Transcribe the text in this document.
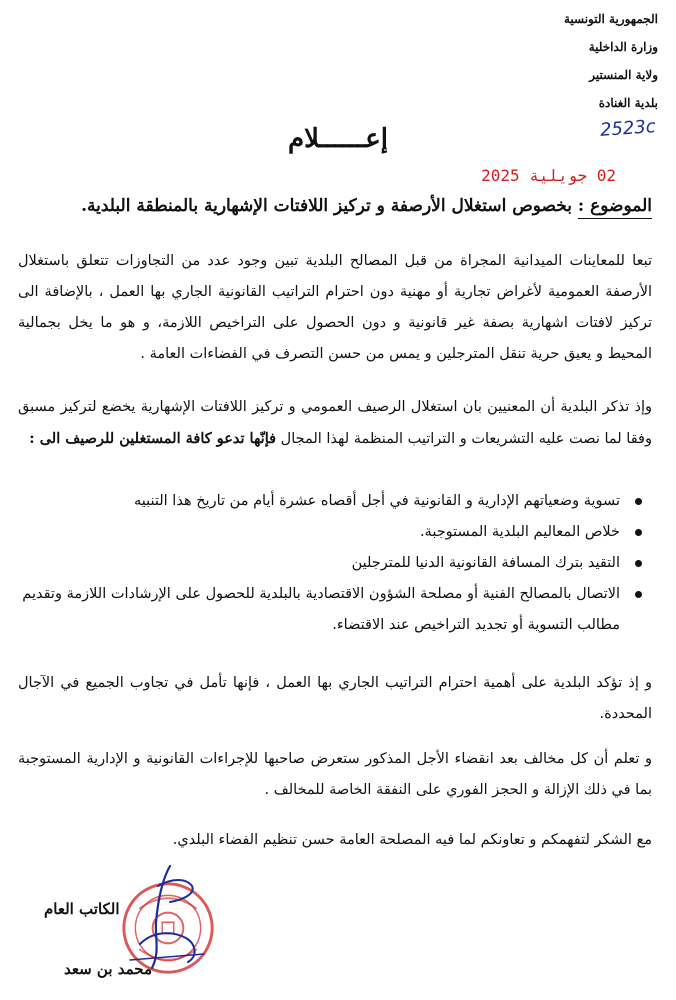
الجمهورية التونسية
وزارة الداخلية
ولاية المنستير
بلدية الغنادة
2523c
إعــــــلام
02 جويلية 2025
الموضوع : بخصوص استغلال الأرصفة و تركيز اللافتات الإشهارية بالمنطقة البلدية.
تبعا للمعاينات الميدانية المجراة من قبل المصالح البلدية تبين وجود عدد من التجاوزات تتعلق باستغلال الأرصفة العمومية لأغراض تجارية أو مهنية دون احترام التراتيب القانونية الجاري بها العمل ، بالإضافة الى تركيز لافتات اشهارية بصفة غير قانونية و دون الحصول على التراخيص اللازمة، و هو ما يخل بجمالية المحيط و يعيق حرية تنقل المترجلين و يمس من حسن التصرف في الفضاءات العامة .
وإذ تذكر البلدية أن المعنيين بان استغلال الرصيف العمومي و تركيز اللافتات الإشهارية يخضع لتركيز مسبق وفقا لما نصت عليه التشريعات و التراتيب المنظمة لهذا المجال فإنّها تدعو كافة المستغلين للرصيف الى :
تسوية وضعياتهم الإدارية و القانونية في أجل أقصاه عشرة أيام من تاريخ هذا التنبيه
خلاص المعاليم البلدية المستوجبة.
التقيد بترك المسافة القانونية الدنيا للمترجلين
الاتصال بالمصالح الفنية أو مصلحة الشؤون الاقتصادية بالبلدية للحصول على الإرشادات اللازمة وتقديم مطالب التسوية أو تجديد التراخيص عند الاقتضاء.
و إذ تؤكد البلدية على أهمية احترام التراتيب الجاري بها العمل ، فإنها تأمل في تجاوب الجميع في الآجال المحددة.
و تعلم أن كل مخالف بعد انقضاء الأجل المذكور ستعرض صاحبها للإجراءات القانونية و الإدارية المستوجبة بما في ذلك الإزالة و الحجز الفوري على النفقة الخاصة للمخالف .
مع الشكر لتفهمكم و تعاونكم لما فيه المصلحة العامة حسن تنظيم الفضاء البلدي.
الكاتب العام
محمد بن سعد
